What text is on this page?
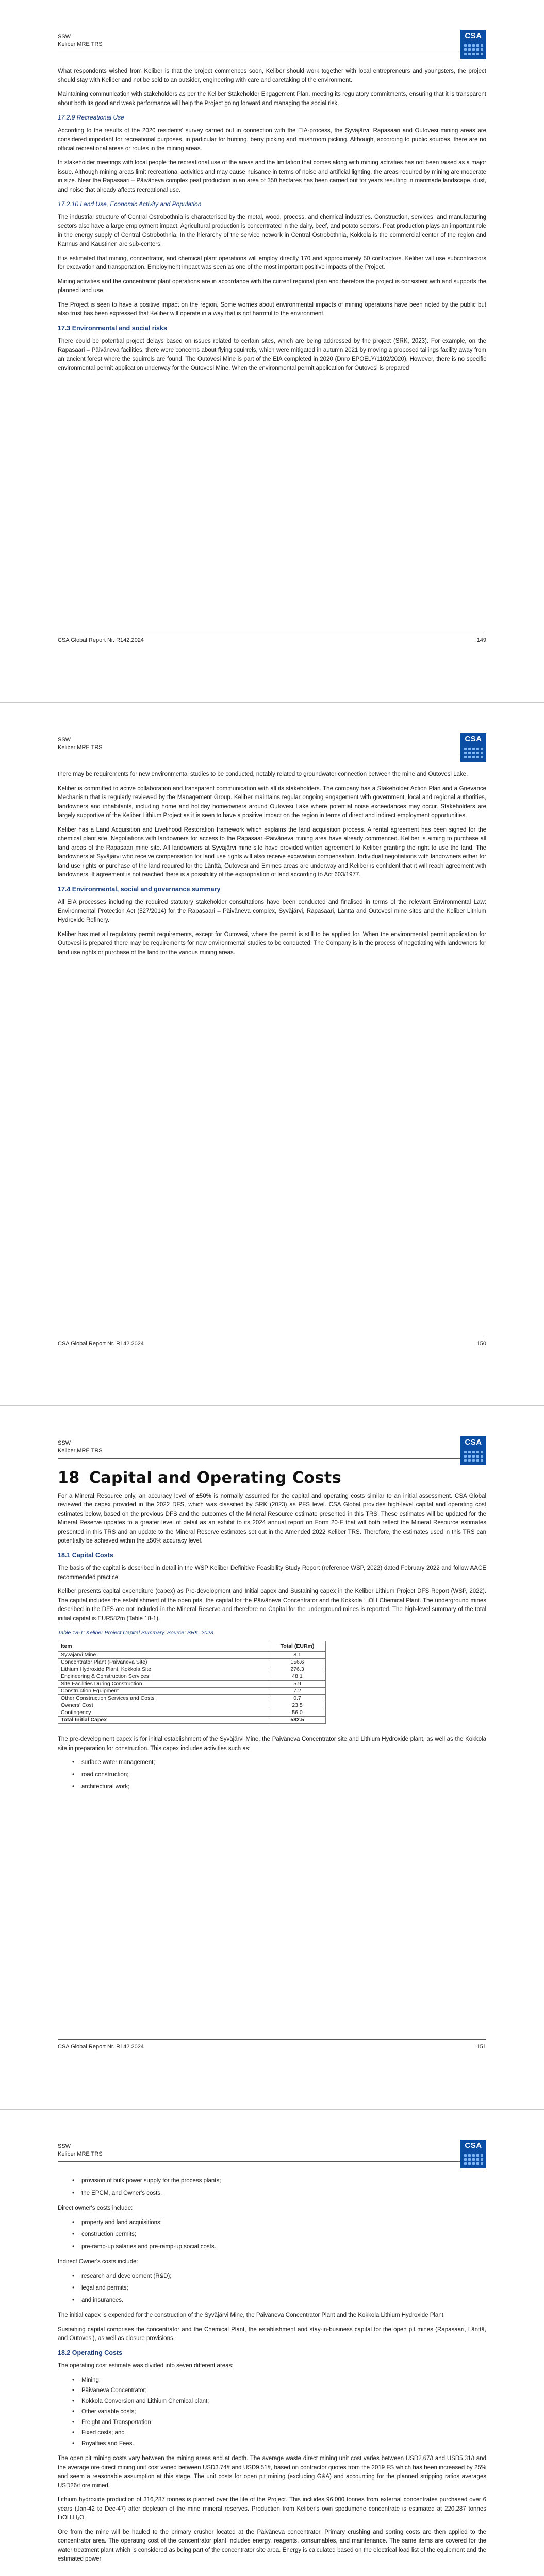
SSW
Keliber MRE TRS
CSA

What respondents wished from Keliber is that the project commences soon, Keliber should work together with local entrepreneurs and youngsters, the project should stay with Keliber and not be sold to an outsider, engineering with care and caretaking of the environment.

Maintaining communication with stakeholders as per the Keliber Stakeholder Engagement Plan, meeting its regulatory commitments, ensuring that it is transparent about both its good and weak performance will help the Project going forward and managing the social risk.

17.2.9 Recreational Use

According to the results of the 2020 residents' survey carried out in connection with the EIA-process, the Syväjärvi, Rapasaari and Outovesi mining areas are considered important for recreational purposes, in particular for hunting, berry picking and mushroom picking. Although, according to public sources, there are no official recreational areas or routes in the mining areas.

In stakeholder meetings with local people the recreational use of the areas and the limitation that comes along with mining activities has not been raised as a major issue. Although mining areas limit recreational activities and may cause nuisance in terms of noise and artificial lighting, the areas required by mining are moderate in size. Near the Rapasaari – Päiväneva complex peat production in an area of 350 hectares has been carried out for years resulting in manmade landscape, dust, and noise that already affects recreational use.

17.2.10 Land Use, Economic Activity and Population

The industrial structure of Central Ostrobothnia is characterised by the metal, wood, process, and chemical industries. Construction, services, and manufacturing sectors also have a large employment impact. Agricultural production is concentrated in the dairy, beef, and potato sectors. Peat production plays an important role in the energy supply of Central Ostrobothnia. In the hierarchy of the service network in Central Ostrobothnia, Kokkola is the commercial center of the region and Kannus and Kaustinen are sub-centers.

It is estimated that mining, concentrator, and chemical plant operations will employ directly 170 and approximately 50 contractors. Keliber will use subcontractors for excavation and transportation. Employment impact was seen as one of the most important positive impacts of the Project.

Mining activities and the concentrator plant operations are in accordance with the current regional plan and therefore the project is consistent with and supports the planned land use.

The Project is seen to have a positive impact on the region. Some worries about environmental impacts of mining operations have been noted by the public but also trust has been expressed that Keliber will operate in a way that is not harmful to the environment.

17.3 Environmental and social risks

There could be potential project delays based on issues related to certain sites, which are being addressed by the project (SRK, 2023). For example, on the Rapasaari – Päiväneva facilities, there were concerns about flying squirrels, which were mitigated in autumn 2021 by moving a proposed tailings facility away from an ancient forest where the squirrels are found. The Outovesi Mine is part of the EIA completed in 2020 (Dnro EPOELY/1102/2020). However, there is no specific environmental permit application underway for the Outovesi Mine. When the environmental permit application for Outovesi is prepared

CSA Global Report Nr. R142.2024	149
SSW
Keliber MRE TRS
CSA

there may be requirements for new environmental studies to be conducted, notably related to groundwater connection between the mine and Outovesi Lake.

Keliber is committed to active collaboration and transparent communication with all its stakeholders. The company has a Stakeholder Action Plan and a Grievance Mechanism that is regularly reviewed by the Management Group. Keliber maintains regular ongoing engagement with government, local and regional authorities, landowners and inhabitants, including home and holiday homeowners around Outovesi Lake where potential noise exceedances may occur. Stakeholders are largely supportive of the Keliber Lithium Project as it is seen to have a positive impact on the region in terms of direct and indirect employment opportunities.

Keliber has a Land Acquisition and Livelihood Restoration framework which explains the land acquisition process. A rental agreement has been signed for the chemical plant site. Negotiations with landowners for access to the Rapasaari-Päiväneva mining area have already commenced. Keliber is aiming to purchase all land areas of the Rapasaari mine site. All landowners at Syväjärvi mine site have provided written agreement to Keliber granting the right to use the land. The landowners at Syväjärvi who receive compensation for land use rights will also receive excavation compensation. Individual negotiations with landowners either for land use rights or purchase of the land required for the Länttä, Outovesi and Emmes areas are underway and Keliber is confident that it will reach agreement with landowners. If agreement is not reached there is a possibility of the expropriation of land according to Act 603/1977.

17.4 Environmental, social and governance summary

All EIA processes including the required statutory stakeholder consultations have been conducted and finalised in terms of the relevant Environmental Law: Environmental Protection Act (527/2014) for the Rapasaari – Päiväneva complex, Syväjärvi, Rapasaari, Länttä and Outovesi mine sites and the Keliber Lithium Hydroxide Refinery.

Keliber has met all regulatory permit requirements, except for Outovesi, where the permit is still to be applied for. When the environmental permit application for Outovesi is prepared there may be requirements for new environmental studies to be conducted. The Company is in the process of negotiating with landowners for land use rights or purchase of the land for the various mining areas.

CSA Global Report Nr. R142.2024	150
SSW
Keliber MRE TRS
CSA
18 Capital and Operating Costs

For a Mineral Resource only, an accuracy level of ±50% is normally assumed for the capital and operating costs similar to an initial assessment. CSA Global reviewed the capex provided in the 2022 DFS, which was classified by SRK (2023) as PFS level. CSA Global provides high-level capital and operating cost estimates below, based on the previous DFS and the outcomes of the Mineral Resource estimate presented in this TRS. These estimates will be updated for the Mineral Reserve updates to a greater level of detail as an exhibit to its 2024 annual report on Form 20-F that will both reflect the Mineral Resource estimates presented in this TRS and an update to the Mineral Reserve estimates set out in the Amended 2022 Keliber TRS. Therefore, the estimates used in this TRS can potentially be achieved within the ±50% accuracy level.

18.1 Capital Costs

The basis of the capital is described in detail in the WSP Keliber Definitive Feasibility Study Report (reference WSP, 2022) dated February 2022 and follow AACE recommended practice.

Keliber presents capital expenditure (capex) as Pre-development and Initial capex and Sustaining capex in the Keliber Lithium Project DFS Report (WSP, 2022). The capital includes the establishment of the open pits, the capital for the Päiväneva Concentrator and the Kokkola LiOH Chemical Plant. The underground mines described in the DFS are not included in the Mineral Reserve and therefore no Capital for the underground mines is reported. The high-level summary of the total initial capital is EUR582m (Table 18-1).

Table 18-1: Keliber Project Capital Summary. Source: SRK, 2023
Item	Total (EURm)
Syväjärvi Mine	8.1
Concentrator Plant (Päiväneva Site)	156.6
Lithium Hydroxide Plant, Kokkola Site	276.3
Engineering & Construction Services	48.1
Site Facilities During Construction	5.9
Construction Equipment	7.2
Other Construction Services and Costs	0.7
Owners' Cost	23.5
Contingency	56.0
Total Initial Capex	582.5

The pre-development capex is for initial establishment of the Syväjärvi Mine, the Päiväneva Concentrator site and Lithium Hydroxide plant, as well as the Kokkola site in preparation for construction. This capex includes activities such as:

• surface water management;
• road construction;
• architectural work;
CSA Global Report Nr. R142.2024	151
SSW
Keliber MRE TRS
CSA
• provision of bulk power supply for the process plants;
• the EPCM, and Owner's costs.

Direct owner's costs include:

• property and land acquisitions;
• construction permits;
• pre-ramp-up salaries and pre-ramp-up social costs.

Indirect Owner's costs include:

• research and development (R&D);
• legal and permits;
• and insurances.

The initial capex is expended for the construction of the Syväjärvi Mine, the Päiväneva Concentrator Plant and the Kokkola Lithium Hydroxide Plant.

Sustaining capital comprises the concentrator and the Chemical Plant, the establishment and stay-in-business capital for the open pit mines (Rapasaari, Länttä, and Outovesi), as well as closure provisions.

18.2 Operating Costs

The operating cost estimate was divided into seven different areas:

• Mining;
• Päiväneva Concentrator;
• Kokkola Conversion and Lithium Chemical plant;
• Other variable costs;
• Freight and Transportation;
• Fixed costs; and
• Royalties and Fees.

The open pit mining costs vary between the mining areas and at depth. The average waste direct mining unit cost varies between USD2.67/t and USD5.31/t and the average ore direct mining unit cost varied between USD3.74/t and USD9.51/t, based on contractor quotes from the 2019 FS which has been increased by 25% and seem a reasonable assumption at this stage. The unit costs for open pit mining (excluding G&A) and accounting for the planned stripping ratios averages USD26/t ore mined.

Lithium hydroxide production of 316,287 tonnes is planned over the life of the Project. This includes 96,000 tonnes from external concentrates purchased over 6 years (Jan-42 to Dec-47) after depletion of the mine mineral reserves. Production from Keliber's own spodumene concentrate is estimated at 220,287 tonnes LiOH.H₂O.

Ore from the mine will be hauled to the primary crusher located at the Päiväneva concentrator. Primary crushing and sorting costs are then applied to the concentrator area. The operating cost of the concentrator plant includes energy, reagents, consumables, and maintenance. The same items are covered for the water treatment plant which is considered as being part of the concentrator site area. Energy is calculated based on the electrical load list of the equipment and the estimated power
